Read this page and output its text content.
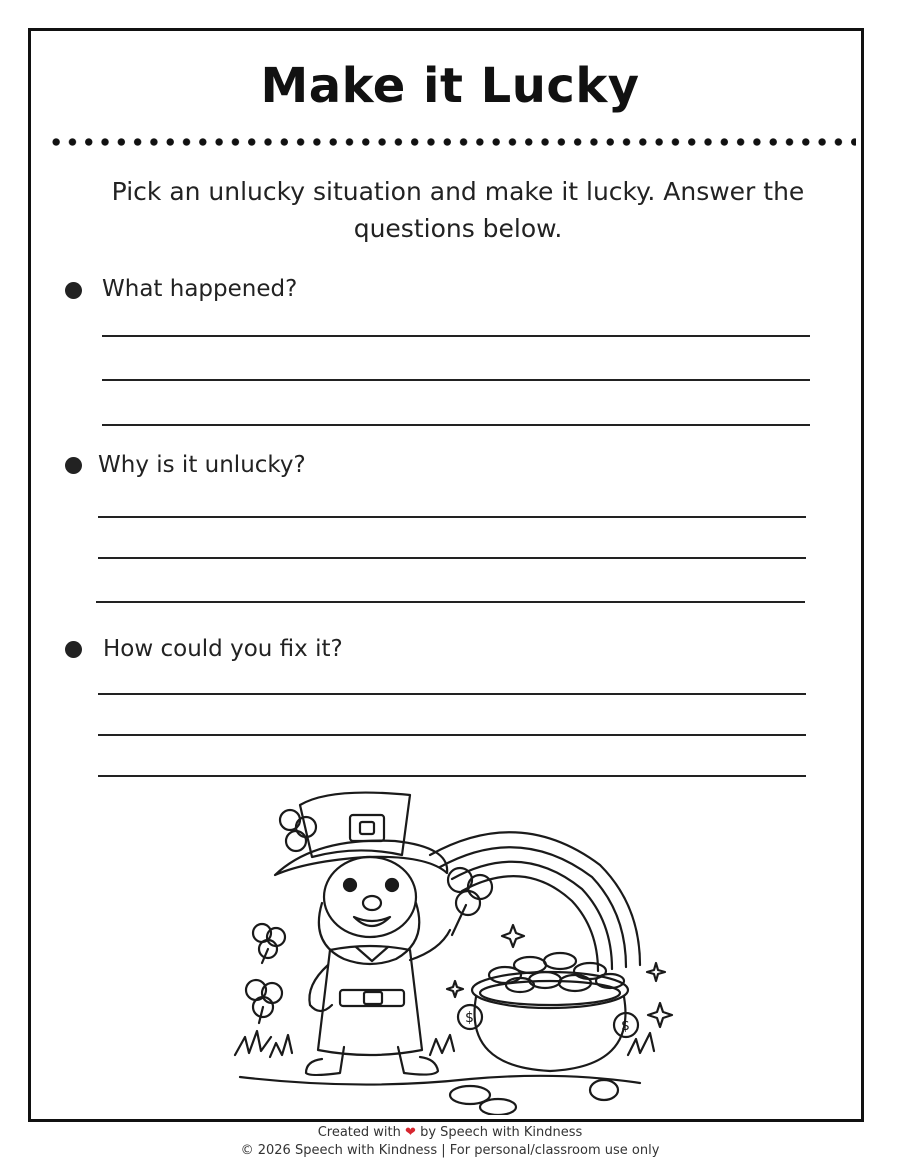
Make it Lucky
Pick an unlucky situation and make it lucky. Answer the questions below.
What happened?
Why is it unlucky?
How could you fix it?
$	$
Created with ❤ by Speech with Kindness
© 2026 Speech with Kindness | For personal/classroom use only
